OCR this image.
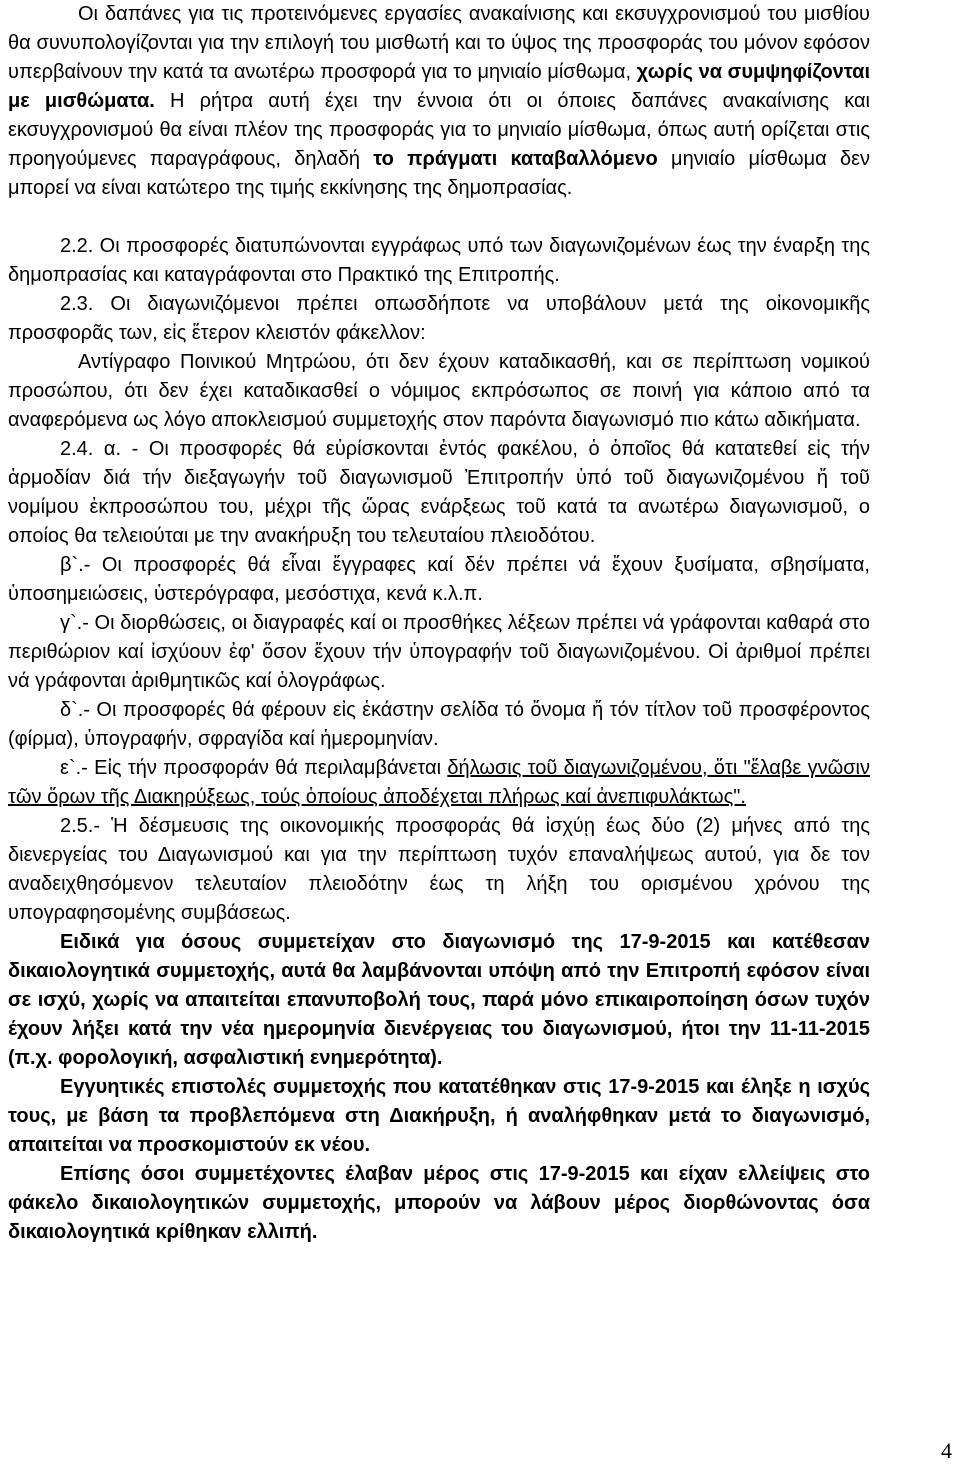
Οι δαπάνες για τις προτεινόμενες εργασίες ανακαίνισης και εκσυγχρονισμού του μισθίου θα συνυπολογίζονται για την επιλογή του μισθωτή και το ύψος της προσφοράς του μόνον εφόσον υπερβαίνουν την κατά τα ανωτέρω προσφορά για το μηνιαίο μίσθωμα, χωρίς να συμψηφίζονται με μισθώματα. Η ρήτρα αυτή έχει την έννοια ότι οι όποιες δαπάνες ανακαίνισης και εκσυγχρονισμού θα είναι πλέον της προσφοράς για το μηνιαίο μίσθωμα, όπως αυτή ορίζεται στις προηγούμενες παραγράφους, δηλαδή το πράγματι καταβαλλόμενο μηνιαίο μίσθωμα δεν μπορεί να είναι κατώτερο της τιμής εκκίνησης της δημοπρασίας.

2.2. Οι προσφορές διατυπώνονται εγγράφως υπό των διαγωνιζομένων έως την έναρξη της δημοπρασίας και καταγράφονται στο Πρακτικό της Επιτροπής.

2.3. Οι διαγωνιζόμενοι πρέπει οπωσδήποτε να υποβάλουν μετά της οἰκονομικῆς προσφορᾶς των, εἰς ἕτερον κλειστόν φάκελλον:

Αντίγραφο Ποινικού Μητρώου, ότι δεν έχουν καταδικασθή, και σε περίπτωση νομικού προσώπου, ότι δεν έχει καταδικασθεί ο νόμιμος εκπρόσωπος σε ποινή για κάποιο από τα αναφερόμενα ως λόγο αποκλεισμού συμμετοχής στον παρόντα διαγωνισμό πιο κάτω αδικήματα.

2.4. α. - Οι προσφορές θά εὑρίσκονται ἐντός φακέλου, ὁ ὁποῖος θά κατατεθεί εἰς τήν ἁρμοδίαν διά τήν διεξαγωγήν τοῦ διαγωνισμοῦ Ἐπιτροπήν ὑπό τοῦ διαγωνιζομένου ἤ τοῦ νομίμου ἐκπροσώπου του, μέχρι τῆς ὥρας ενάρξεως τοῦ κατά τα ανωτέρω διαγωνισμοῦ, ο οποίος θα τελειούται με την ανακήρυξη του τελευταίου πλειοδότου.

β`.- Οι προσφορές θά εἶναι ἔγγραφες καί δέν πρέπει νά ἔχουν ξυσίματα, σβησίματα, ὑποσημειώσεις, ὑστερόγραφα, μεσόστιχα, κενά κ.λ.π.

γ`.- Οι διορθώσεις, οι διαγραφές καί οι προσθήκες λέξεων πρέπει νά γράφονται καθαρά στο περιθώριον καί ἰσχύουν ἐφ' ὅσον ἔχουν τήν ὑπογραφήν τοῦ διαγωνιζομένου. Οἱ ἀριθμοί πρέπει νά γράφονται ἀριθμητικῶς καί ὁλογράφως.

δ`.- Οι προσφορές θά φέρουν εἰς ἑκάστην σελίδα τό ὄνομα ἤ τόν τίτλον τοῦ προσφέροντος (φίρμα), ὑπογραφήν, σφραγίδα καί ἡμερομηνίαν.

ε`.- Εἰς τήν προσφοράν θά περιλαμβάνεται δήλωσις τοῦ διαγωνιζομένου, ὅτι "ἔλαβε γνῶσιν τῶν ὅρων τῆς Διακηρύξεως, τούς ὁποίους ἀποδέχεται πλήρως καί ἀνεπιφυλάκτως".

2.5.- Ἡ δέσμευσις της οικονομικής προσφοράς θά ἰσχύῃ έως δύο (2) μήνες από της διενεργείας του Διαγωνισμού και για την περίπτωση τυχόν επαναλήψεως αυτού, για δε τον αναδειχθησόμενον τελευταίον πλειοδότην έως τη λήξη του ορισμένου χρόνου της υπογραφησομένης συμβάσεως.

Ειδικά για όσους συμμετείχαν στο διαγωνισμό της 17-9-2015 και κατέθεσαν δικαιολογητικά συμμετοχής, αυτά θα λαμβάνονται υπόψη από την Επιτροπή εφόσον είναι σε ισχύ, χωρίς να απαιτείται επανυποβολή τους, παρά μόνο επικαιροποίηση όσων τυχόν έχουν λήξει κατά την νέα ημερομηνία διενέργειας του διαγωνισμού, ήτοι την 11-11-2015 (π.χ. φορολογική, ασφαλιστική ενημερότητα).

Εγγυητικές επιστολές συμμετοχής που κατατέθηκαν στις 17-9-2015 και έληξε η ισχύς τους, με βάση τα προβλεπόμενα στη Διακήρυξη, ή αναλήφθηκαν μετά το διαγωνισμό, απαιτείται να προσκομιστούν εκ νέου.

Επίσης όσοι συμμετέχοντες έλαβαν μέρος στις 17-9-2015 και είχαν ελλείψεις στο φάκελο δικαιολογητικών συμμετοχής, μπορούν να λάβουν μέρος διορθώνοντας όσα δικαιολογητικά κρίθηκαν ελλιπή.

4
